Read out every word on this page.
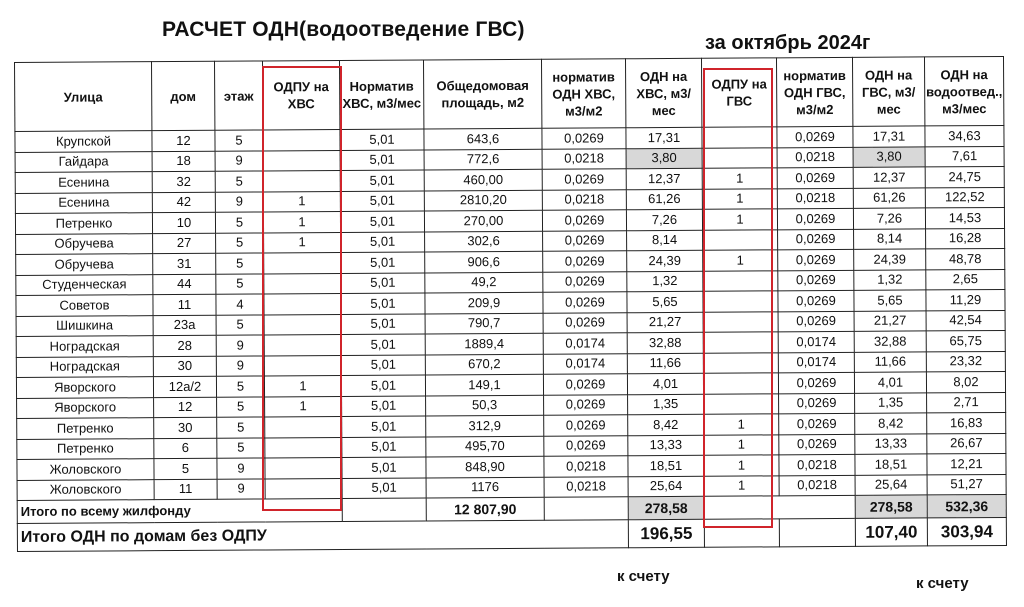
РАСЧЕТ ОДН(водоотведение ГВС)
за октябрь 2024г
Улица	дом	этаж	ОДПУ на ХВС	Норматив ХВС, м3/мес	Общедомовая площадь, м2	норматив ОДН ХВС, м3/м2	ОДН на ХВС, м3/мес	ОДПУ на ГВС	норматив ОДН ГВС, м3/м2	ОДН на ГВС, м3/мес	ОДН на водоотвед., м3/мес
Крупской	12	5		5,01	643,6	0,0269	17,31		0,0269	17,31	34,63
Гайдара	18	9		5,01	772,6	0,0218	3,80		0,0218	3,80	7,61
Есенина	32	5		5,01	460,00	0,0269	12,37	1	0,0269	12,37	24,75
Есенина	42	9	1	5,01	2810,20	0,0218	61,26	1	0,0218	61,26	122,52
Петренко	10	5	1	5,01	270,00	0,0269	7,26	1	0,0269	7,26	14,53
Обручева	27	5	1	5,01	302,6	0,0269	8,14		0,0269	8,14	16,28
Обручева	31	5		5,01	906,6	0,0269	24,39	1	0,0269	24,39	48,78
Студенческая	44	5		5,01	49,2	0,0269	1,32		0,0269	1,32	2,65
Советов	11	4		5,01	209,9	0,0269	5,65		0,0269	5,65	11,29
Шишкина	23а	5		5,01	790,7	0,0269	21,27		0,0269	21,27	42,54
Ноградская	28	9		5,01	1889,4	0,0174	32,88		0,0174	32,88	65,75
Ноградская	30	9		5,01	670,2	0,0174	11,66		0,0174	11,66	23,32
Яворского	12а/2	5	1	5,01	149,1	0,0269	4,01		0,0269	4,01	8,02
Яворского	12	5	1	5,01	50,3	0,0269	1,35		0,0269	1,35	2,71
Петренко	30	5		5,01	312,9	0,0269	8,42	1	0,0269	8,42	16,83
Петренко	6	5		5,01	495,70	0,0269	13,33	1	0,0269	13,33	26,67
Жоловского	5	9		5,01	848,90	0,0218	18,51	1	0,0218	18,51	12,21
Жоловского	11	9		5,01	1176	0,0218	25,64	1	0,0218	25,64	51,27
Итого по всему жилфонду					12 807,90		278,58			278,58	532,36
Итого ОДН по домам без ОДПУ							196,55			107,40	303,94
к счету	к счету
